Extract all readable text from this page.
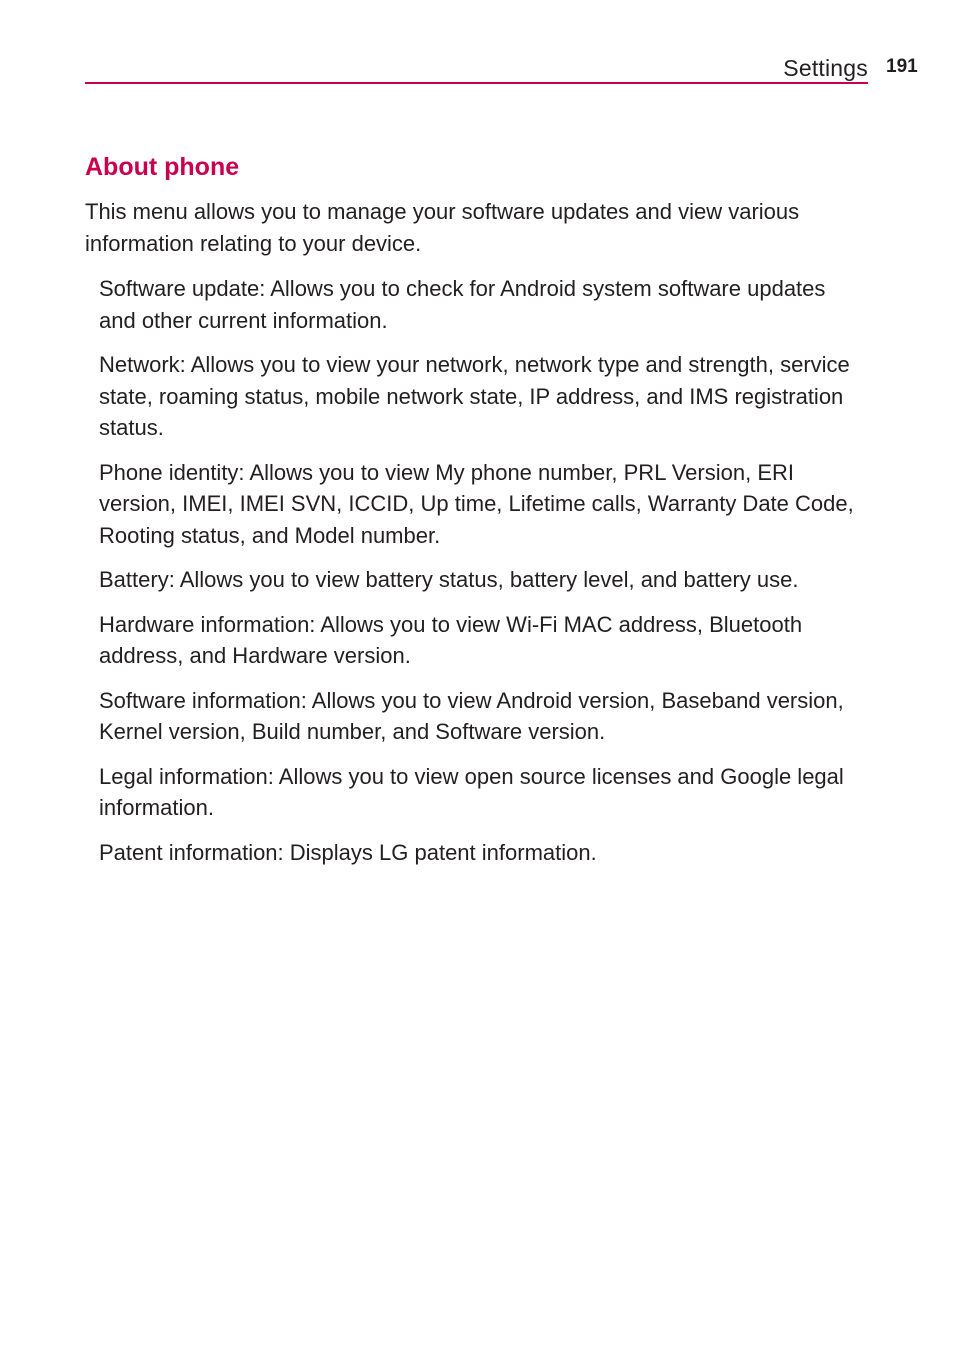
Settings 191
About phone

This menu allows you to manage your software updates and view various information relating to your device.

Software update: Allows you to check for Android system software updates and other current information.
Network: Allows you to view your network, network type and strength, service state, roaming status, mobile network state, IP address, and IMS registration status.
Phone identity: Allows you to view My phone number, PRL Version, ERI version, IMEI, IMEI SVN, ICCID, Up time, Lifetime calls, Warranty Date Code, Rooting status, and Model number.
Battery: Allows you to view battery status, battery level, and battery use.
Hardware information: Allows you to view Wi-Fi MAC address, Bluetooth address, and Hardware version.
Software information: Allows you to view Android version, Baseband version, Kernel version, Build number, and Software version.
Legal information: Allows you to view open source licenses and Google legal information.
Patent information: Displays LG patent information.
